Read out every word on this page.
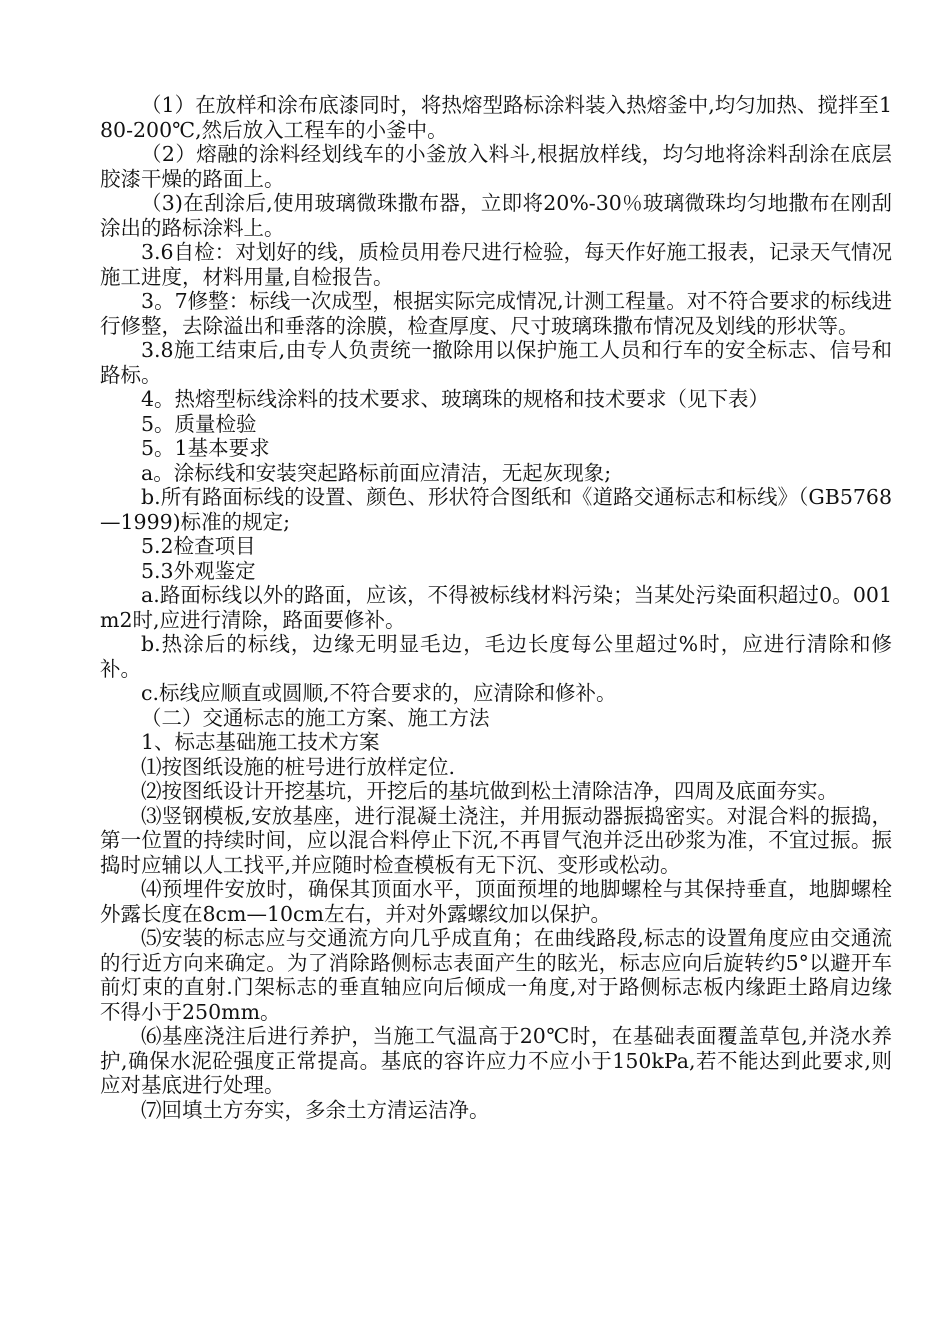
（1）在放样和涂布底漆同时，将热熔型路标涂料装入热熔釜中,均匀加热、搅拌至180-200℃,然后放入工程车的小釜中。

（2）熔融的涂料经划线车的小釜放入料斗,根据放样线，均匀地将涂料刮涂在底层胶漆干燥的路面上。

（3)在刮涂后,使用玻璃微珠撒布器，立即将20%-30％玻璃微珠均匀地撒布在刚刮涂出的路标涂料上。

3.6自检：对划好的线，质检员用卷尺进行检验，每天作好施工报表，记录天气情况施工进度，材料用量,自检报告。

3。7修整：标线一次成型，根据实际完成情况,计测工程量。对不符合要求的标线进行修整，去除溢出和垂落的涂膜，检查厚度、尺寸玻璃珠撒布情况及划线的形状等。

3.8施工结束后,由专人负责统一撤除用以保护施工人员和行车的安全标志、信号和路标。

4。热熔型标线涂料的技术要求、玻璃珠的规格和技术要求（见下表）

5。质量检验

5。1基本要求

a。涂标线和安装突起路标前面应清洁，无起灰现象;

b.所有路面标线的设置、颜色、形状符合图纸和《道路交通标志和标线》（GB5768—1999)标准的规定;

5.2检查项目

5.3外观鉴定

a.路面标线以外的路面，应该，不得被标线材料污染；当某处污染面积超过0。001m2时,应进行清除，路面要修补。

b.热涂后的标线，边缘无明显毛边，毛边长度每公里超过%时，应进行清除和修补。

c.标线应顺直或圆顺,不符合要求的，应清除和修补。

（二）交通标志的施工方案、施工方法

1、标志基础施工技术方案

⑴按图纸设施的桩号进行放样定位.

⑵按图纸设计开挖基坑，开挖后的基坑做到松土清除洁净，四周及底面夯实。

⑶竖钢模板,安放基座，进行混凝土浇注，并用振动器振捣密实。对混合料的振捣，第一位置的持续时间，应以混合料停止下沉,不再冒气泡并泛出砂浆为准，不宜过振。振捣时应辅以人工找平,并应随时检查模板有无下沉、变形或松动。

⑷预埋件安放时，确保其顶面水平，顶面预埋的地脚螺栓与其保持垂直，地脚螺栓外露长度在8cm—10cm左右，并对外露螺纹加以保护。

⑸安装的标志应与交通流方向几乎成直角；在曲线路段,标志的设置角度应由交通流的行近方向来确定。为了消除路侧标志表面产生的眩光，标志应向后旋转约5°以避开车前灯束的直射.门架标志的垂直轴应向后倾成一角度,对于路侧标志板内缘距土路肩边缘不得小于250mm。

⑹基座浇注后进行养护，当施工气温高于20℃时，在基础表面覆盖草包,并浇水养护,确保水泥砼强度正常提高。基底的容许应力不应小于150kPa,若不能达到此要求,则应对基底进行处理。

⑺回填土方夯实，多余土方清运洁净。
